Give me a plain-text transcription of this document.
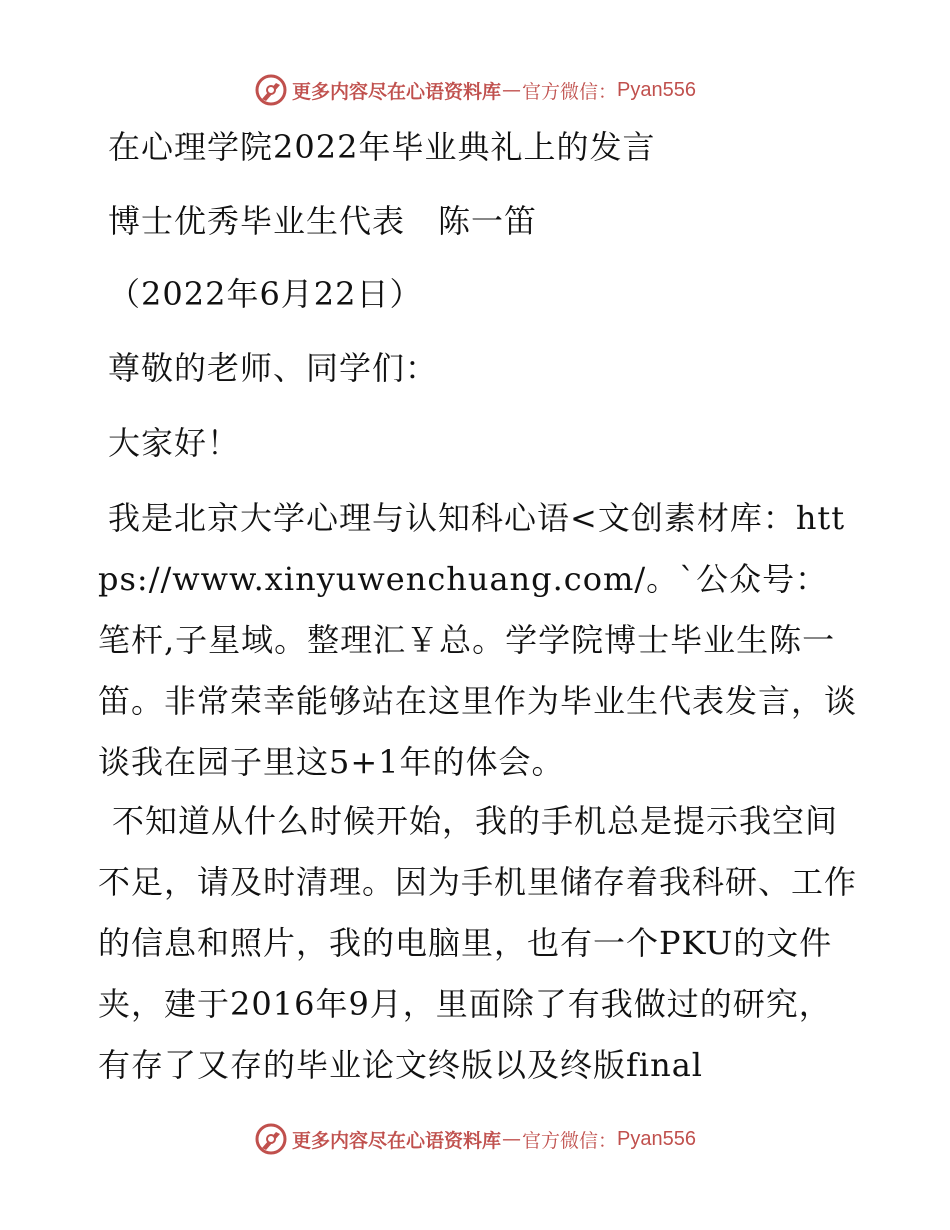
更多内容尽在心语资料库 — 官方微信： Pyan556
在心理学院2022年毕业典礼上的发言
博士优秀毕业生代表　陈一笛
（2022年6月22日）
尊敬的老师、同学们：
大家好！
我是北京大学心理与认知科心语<文创素材库：https://www.xinyuwenchuang.com/。`公众号：笔杆,子星域。整理汇￥总。学学院博士毕业生陈一笛。非常荣幸能够站在这里作为毕业生代表发言，谈谈我在园子里这5+1年的体会。
不知道从什么时候开始，我的手机总是提示我空间不足，请及时清理。因为手机里储存着我科研、工作的信息和照片，我的电脑里，也有一个PKU的文件夹，建于2016年9月，里面除了有我做过的研究，有存了又存的毕业论文终版以及终版final
更多内容尽在心语资料库 — 官方微信： Pyan556
